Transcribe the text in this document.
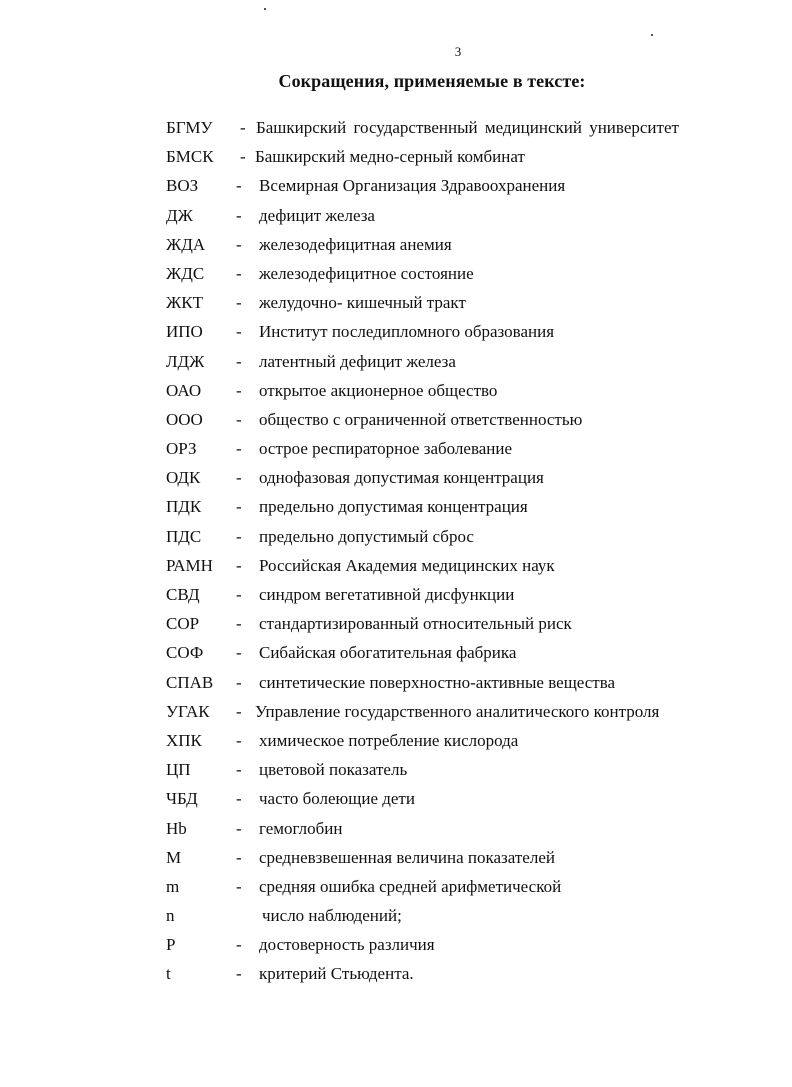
3
Сокращения, применяемые в тексте:
БГМУ - Башкирский государственный медицинский университет
БМСК - Башкирский медно-серный комбинат
ВОЗ - Всемирная Организация Здравоохранения
ДЖ	- дефицит железа
ЖДА - железодефицитная анемия
ЖДС - железодефицитное состояние
ЖКТ - желудочно- кишечный тракт
ИПО - Институт последипломного образования
ЛДЖ - латентный дефицит железа
ОАО - открытое акционерное общество
ООО - общество с ограниченной ответственностью
ОРЗ - острое респираторное заболевание
ОДК - однофазовая допустимая концентрация
ПДК - предельно допустимая концентрация
ПДС - предельно допустимый сброс
РАМН - Российская Академия медицинских наук
СВД - синдром вегетативной дисфункции
СОР - стандартизированный относительный риск
СОФ - Сибайская обогатительная фабрика
СПАВ - синтетические поверхностно-активные вещества
УГАК - Управление государственного аналитического контроля
ХПК - химическое потребление кислорода
ЦП	- цветовой показатель
ЧБД - часто болеющие дети
Hb	- гемоглобин
M	- средневзвешенная величина показателей
m	- средняя ошибка средней арифметической
n	число наблюдений;
P	- достоверность различия
t	- критерий Стьюдента.
